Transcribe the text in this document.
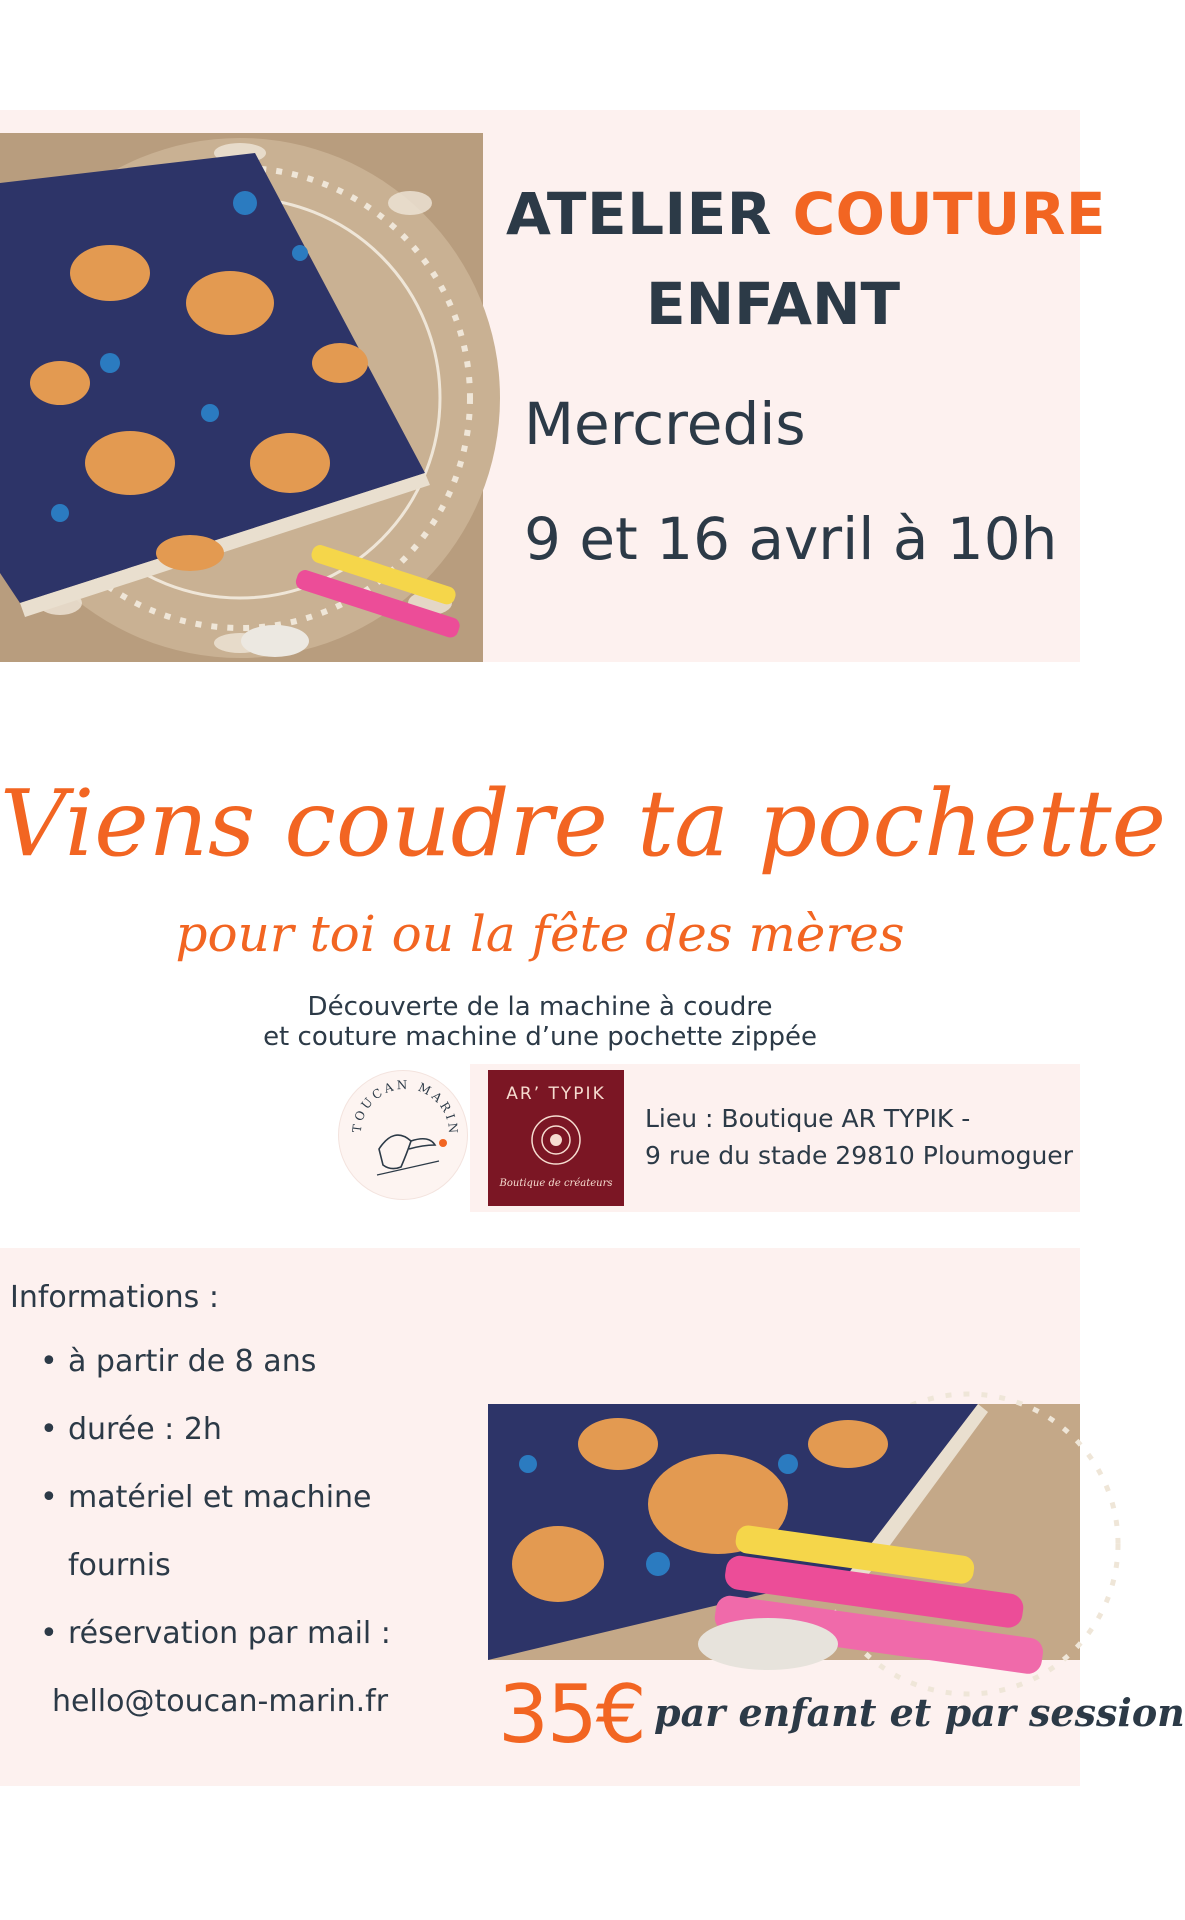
ATELIER COUTURE
ENFANT
Mercredis
9 et 16 avril à 10h
Viens coudre ta pochette
pour toi ou la fête des mères
Découverte de la machine à coudre
et couture machine d’une pochette zippée
TOUCAN MARIN
AR’ TYPIK
Boutique de créateurs
Lieu : Boutique AR TYPIK -
9 rue du stade 29810 Ploumoguer
Informations :
• à partir de 8 ans
• durée : 2h
• matériel et machine
fournis
• réservation par mail :
hello@toucan-marin.fr 35€ par enfant et par session
